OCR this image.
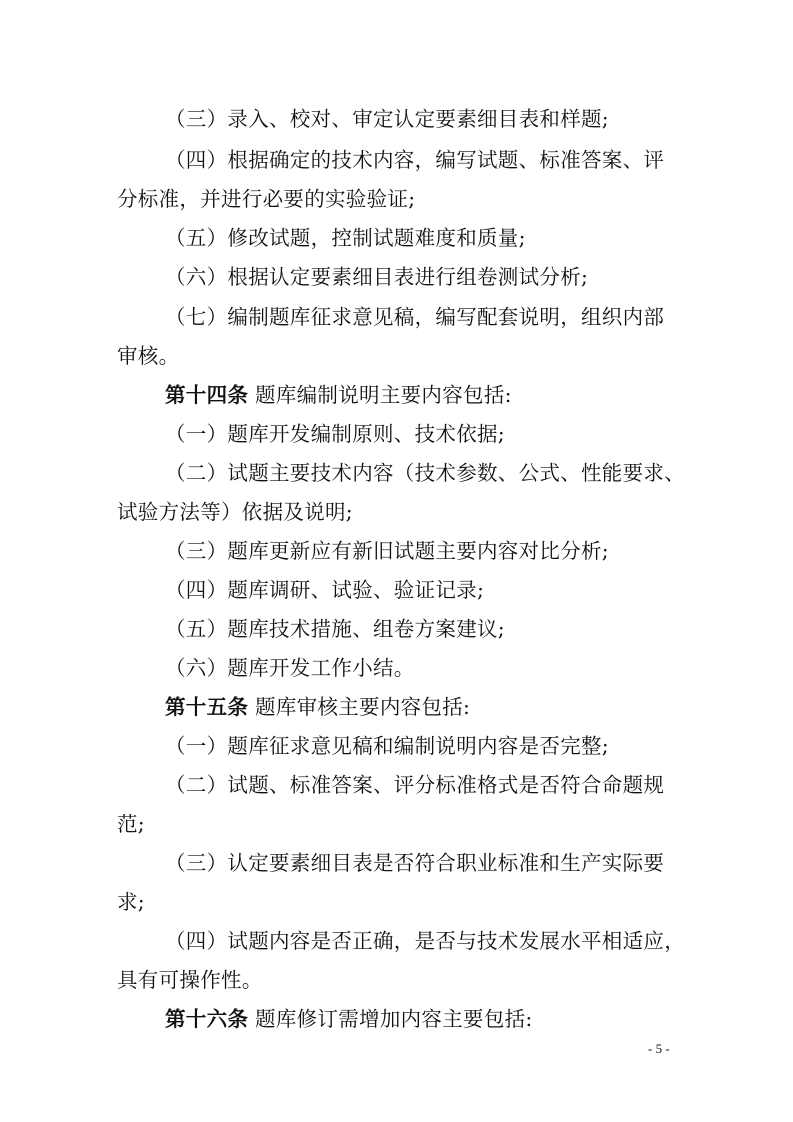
（三）录入、校对、审定认定要素细目表和样题;
（四）根据确定的技术内容，编写试题、标准答案、评
分标准，并进行必要的实验验证;
（五）修改试题，控制试题难度和质量;
（六）根据认定要素细目表进行组卷测试分析;
（七）编制题库征求意见稿，编写配套说明，组织内部
审核。
第十四条 题库编制说明主要内容包括:
（一）题库开发编制原则、技术依据;
（二）试题主要技术内容（技术参数、公式、性能要求、
试验方法等）依据及说明;
（三）题库更新应有新旧试题主要内容对比分析;
（四）题库调研、试验、验证记录;
（五）题库技术措施、组卷方案建议;
（六）题库开发工作小结。
第十五条 题库审核主要内容包括:
（一）题库征求意见稿和编制说明内容是否完整;
（二）试题、标准答案、评分标准格式是否符合命题规
范;
（三）认定要素细目表是否符合职业标准和生产实际要
求;
（四）试题内容是否正确，是否与技术发展水平相适应，
具有可操作性。
第十六条 题库修订需增加内容主要包括:
- 5 -
